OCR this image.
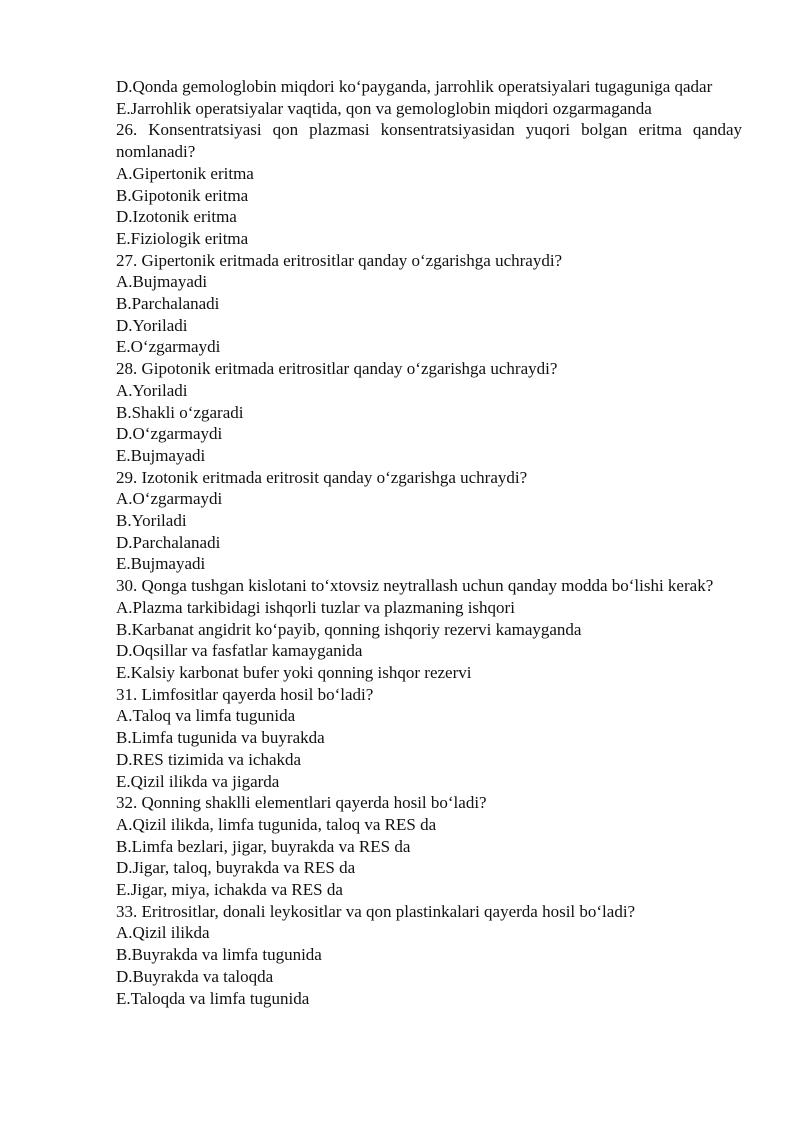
D.Qonda gemologlobin miqdori ko‘payganda, jarrohlik operatsiyalari tugaguniga qadar
E.Jarrohlik operatsiyalar vaqtida, qon va gemologlobin miqdori ozgarmaganda
26. Konsentratsiyasi qon plazmasi konsentratsiyasidan yuqori bolgan eritma qanday nomlanadi?
A.Gipertonik eritma
B.Gipotonik eritma
D.Izotonik eritma
E.Fiziologik eritma
27. Gipertonik eritmada eritrositlar qanday o‘zgarishga uchraydi?
A.Bujmayadi
B.Parchalanadi
D.Yoriladi
E.O‘zgarmaydi
28. Gipotonik eritmada eritrositlar qanday o‘zgarishga uchraydi?
A.Yoriladi
B.Shakli o‘zgaradi
D.O‘zgarmaydi
E.Bujmayadi
29. Izotonik eritmada eritrosit qanday o‘zgarishga uchraydi?
A.O‘zgarmaydi
B.Yoriladi
D.Parchalanadi
E.Bujmayadi
30. Qonga tushgan kislotani to‘xtovsiz neytrallash uchun qanday modda bo‘lishi kerak?
A.Plazma tarkibidagi ishqorli tuzlar va plazmaning ishqori
B.Karbanat angidrit ko‘payib, qonning ishqoriy rezervi kamayganda
D.Oqsillar va fasfatlar kamayganida
E.Kalsiy karbonat bufer yoki qonning ishqor rezervi
31. Limfositlar qayerda hosil bo‘ladi?
A.Taloq va limfa tugunida
B.Limfa tugunida va buyrakda
D.RES tizimida va ichakda
E.Qizil ilikda va jigarda
32. Qonning shaklli elementlari qayerda hosil bo‘ladi?
A.Qizil ilikda, limfa tugunida, taloq va RES da
B.Limfa bezlari, jigar, buyrakda va RES da
D.Jigar, taloq, buyrakda va RES da
E.Jigar, miya, ichakda va RES da
33. Eritrositlar, donali leykositlar va qon plastinkalari qayerda hosil bo‘ladi?
A.Qizil ilikda
B.Buyrakda va limfa tugunida
D.Buyrakda va taloqda
E.Taloqda va limfa tugunida
